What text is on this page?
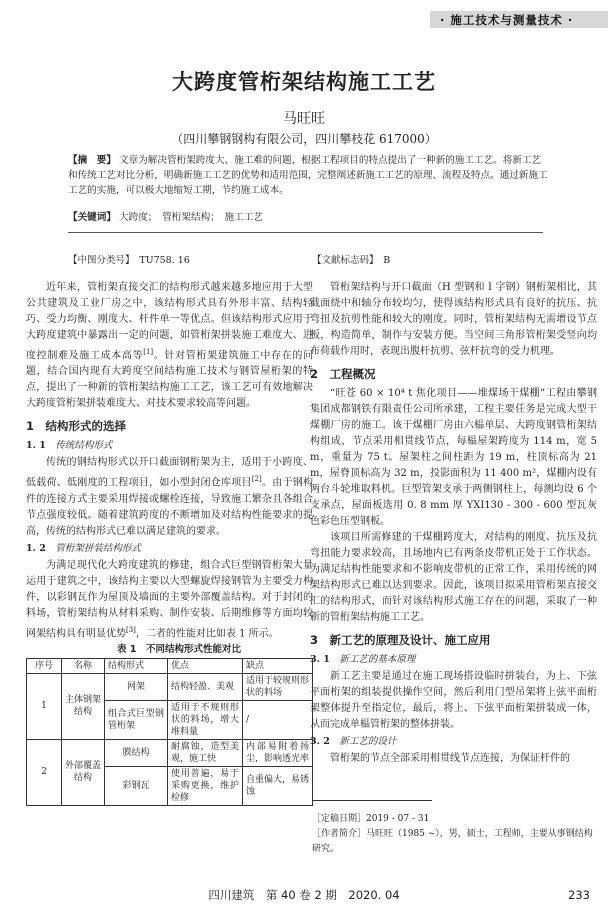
· 施工技术与测量技术 ·
大跨度管桁架结构施工工艺
马旺旺
（四川攀钢钢构有限公司，四川攀枝花 617000）
【摘　要】 文章为解决管桁架跨度大、施工难的问题，根据工程项目的特点提出了一种新的施工工艺。将新工艺和传统工艺对比分析，明确新施工工艺的优势和适用范围，完整阐述新施工工艺的原理、流程及特点。通过新施工工艺的实施，可以极大地缩短工期，节约施工成本。
【关键词】 大跨度；　管桁架结构；　施工工艺
【中图分类号】　TU758. 16	【文献标志码】　B

近年来，管桁架直接交汇的结构形式越来越多地应用于大型公共建筑及工业厂房之中，该结构形式具有外形丰富、结构轻巧、受力均衡、刚度大、杆件单一等优点。但该结构形式应用于大跨度建筑中暴露出一定的问题，如管桁架拼装施工难度大、进度控制难及施工成本高等[1]。针对管桁架建筑施工中存在的问题，结合国内现有大跨度空间结构施工技术与钢管屋桁架的特点，提出了一种新的管桁架结构施工工艺，该工艺可有效地解决大跨度管桁架拼装难度大、对技术要求较高等问题。

1　结构形式的选择

1. 1　 传统结构形式

传统的钢结构形式以开口截面钢桁架为主，适用于小跨度、低载荷、低刚度的工程项目，如小型封闭仓库项目[2]。由于钢构件的连接方式主要采用焊接或螺栓连接，导致施工繁杂且各组合节点强度较低。随着建筑跨度的不断增加及对结构性能要求的提高，传统的结构形式已难以满足建筑的要求。

1. 2　 管桁架拼装结构形式

为满足现代化大跨度建筑的修建，组合式巨型钢管桁架大量运用于建筑之中，该结构主要以大型螺旋焊接钢管为主要受力构件，以彩钢瓦作为屋顶及墙面的主要外部覆盖结构。对于封闭的料场，管桁架结构从材料采购、制作安装、后期维修等方面均较网架结构具有明显优势[3]，二者的性能对比如表 1 所示。

表 1　不同结构形式性能对比

序号	名称	结构形式	优点	缺点
1	主体钢架结构	网架	结构轻盈、美观	适用于较规则形状的料场
		组合式巨型钢管桁架	适用于不规则形状的料场，增大堆料量	/
2	外部覆盖结构	膜结构	耐腐蚀，造型美观，施工快	内部易附着扬尘，影响透光率
		彩钢瓦	使用普遍，易于采购更换，维护检修	自重偏大，易锈蚀

管桁架结构与开口截面（H 型钢和 I 字钢）钢桁架相比，其截面绕中和轴分布较均匀，使得该结构形式具有良好的抗压、抗弯扭及抗剪性能和较大的刚度。同时，管桁架结构无需增设节点板，构造简单，制作与安装方便。当空间三角形管桁架受竖向均布荷载作用时，表现出腹杆抗剪、弦杆抗弯的受力机理。

2　工程概况

“旺苍 60 × 10⁴ t 焦化项目——堆煤场干煤棚”工程由攀钢集团成都钢铁有限责任公司所承建，工程主要任务是完成大型干煤棚厂房的施工。该干煤棚厂房由六榀单层、大跨度钢管桁架结构组成，节点采用相贯线节点，每榀屋架跨度为 114 m，宽 5 m，重量为 75 t。屋架柱之间柱距为 19 m，柱顶标高为 21 m，屋脊顶标高为 32 m，投影面积为 11 400 m²，煤棚内设有两台斗轮堆取料机。巨型管架支承于两侧钢柱上，每测均设 6 个支承点，屋面板选用 0. 8 mm 厚 YXI130 - 300 - 600 型瓦灰色彩色压型钢板。

该项目所需修建的干煤棚跨度大，对结构的刚度、抗压及抗弯扭能力要求较高，且场地内已有两条皮带机正处于工作状态。为满足结构性能要求和不影响皮带机的正常工作，采用传统的网架结构形式已难以达到要求。因此，该项目拟采用管桁架直接交汇的结构形式，而针对该结构形式施工存在的问题，采取了一种新的管桁架结构施工工艺。

3　新工艺的原理及设计、施工应用

3. 1　 新工艺的基本原理

新工艺主要是通过在施工现场搭设临时拼装台，为上、下弦平面桁架的组装提供操作空间，然后利用门型吊架将上弦平面桁架整体提升至指定位，最后，将上、下弦平面桁架拼装成一体，从而完成单榀管桁架的整体拼装。

3. 2　 新工艺的设计

管桁架的节点全部采用相贯线节点连接，为保证杆件的

［定稿日期］2019 - 07 - 31
［作者简介］马旺旺（1985 ~），男，硕士，工程师，主要从事钢结构研究。
四川建筑　第 40 卷 2 期　2020. 04	233
